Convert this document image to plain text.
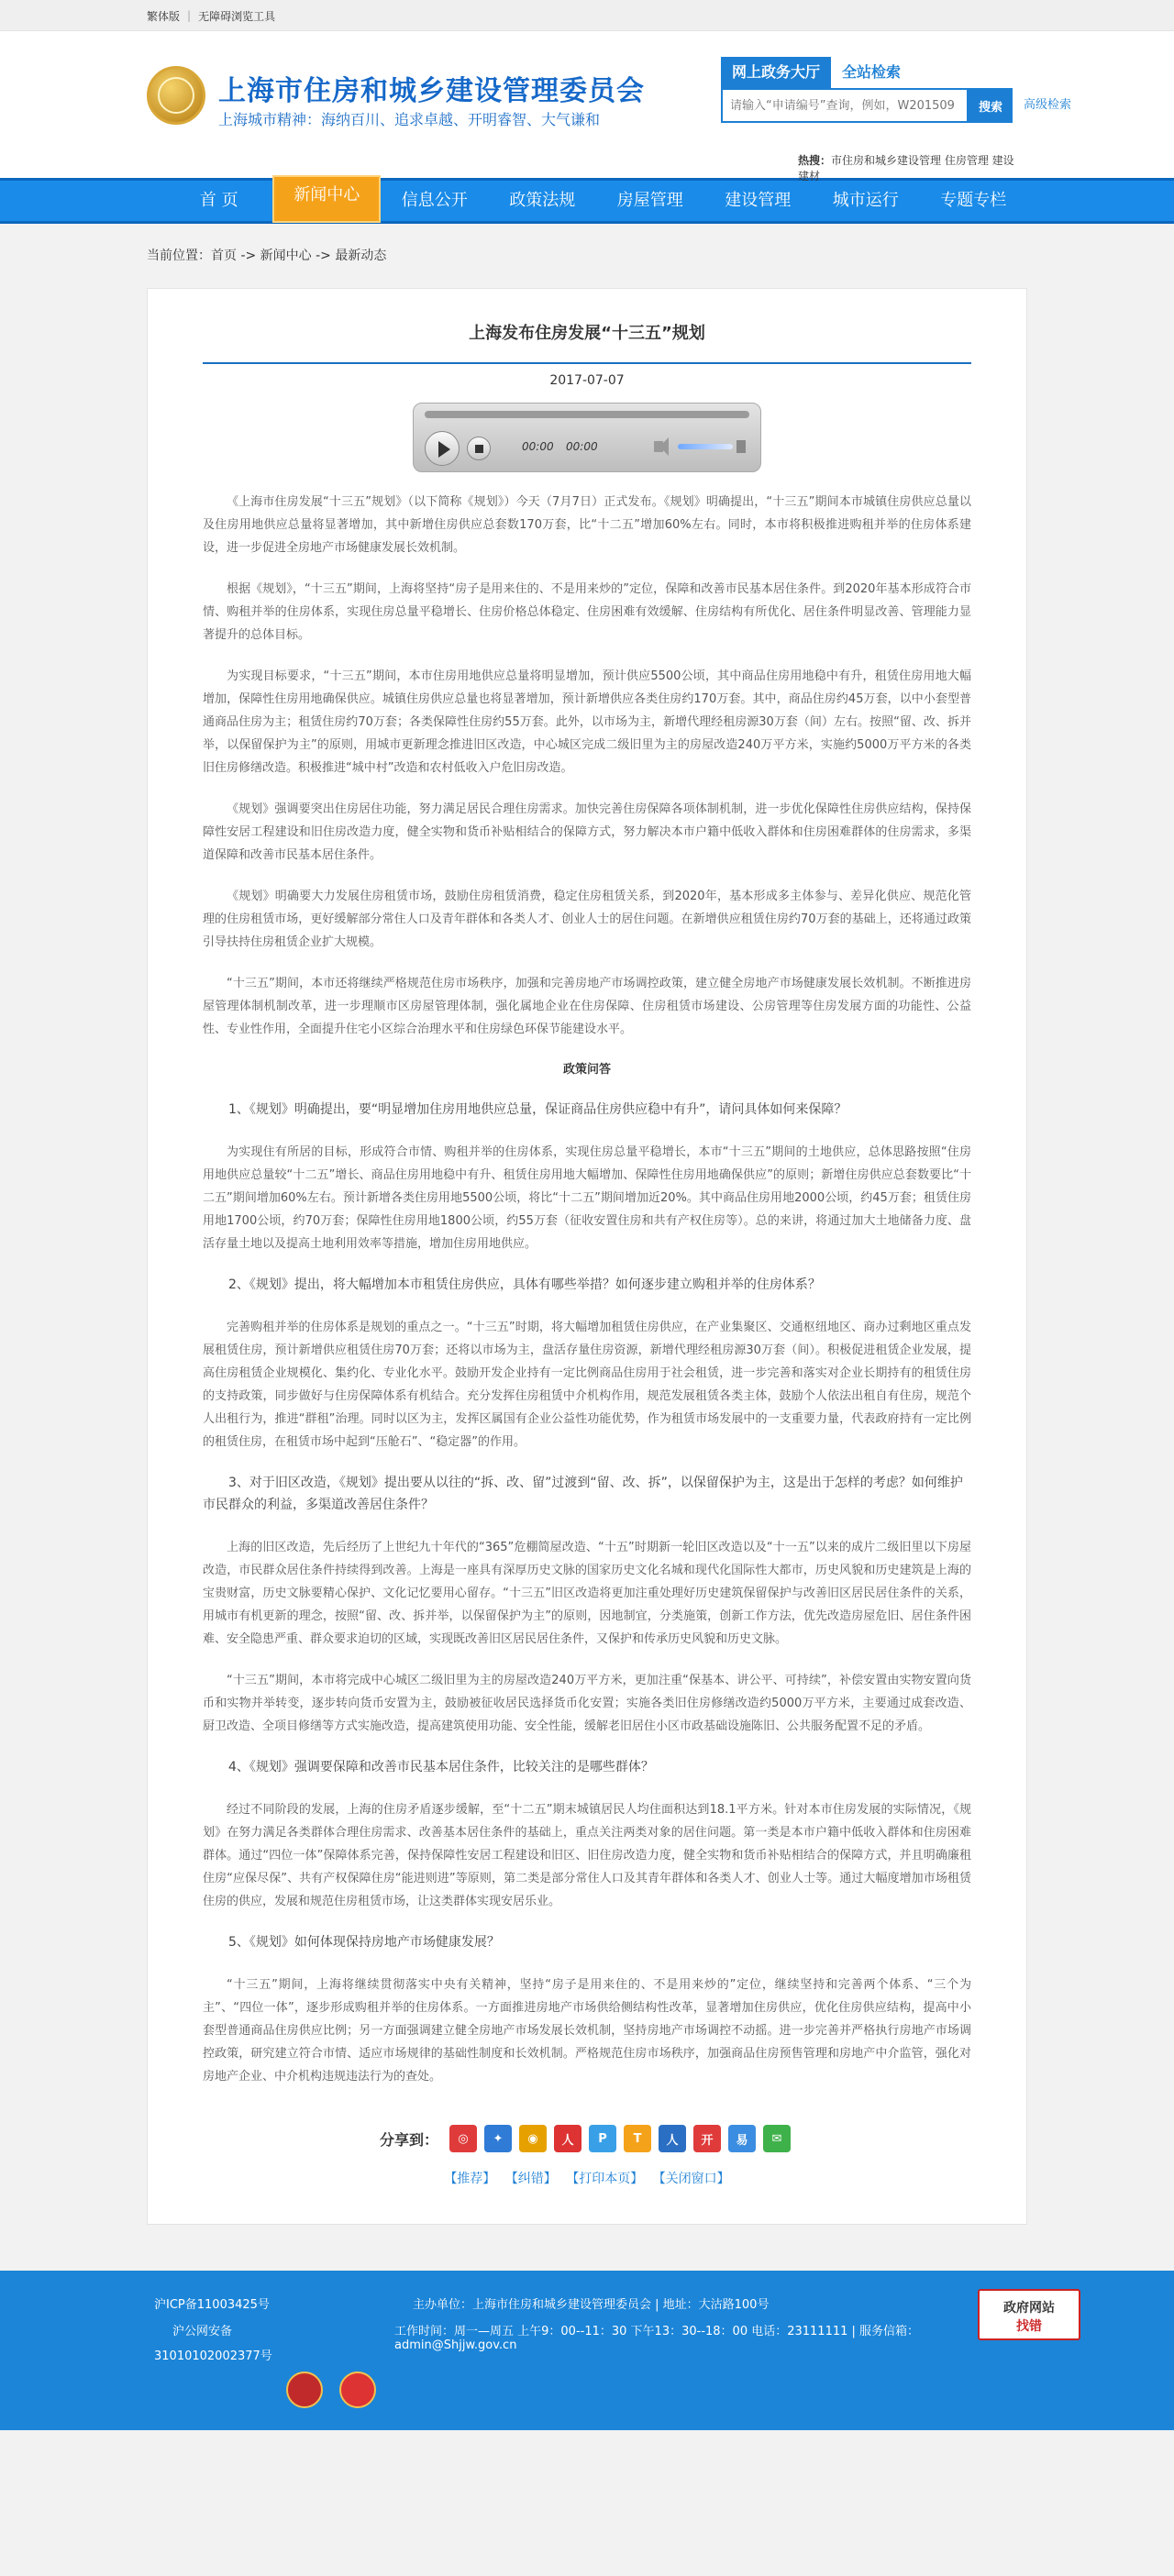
繁体版 | 无障碍浏览工具
上海市住房和城乡建设管理委员会
上海城市精神：海纳百川、追求卓越、开明睿智、大气谦和
网上政务大厅	全站检索
请输入“申请编号”查询，例如，W201509
搜索	高级检索
热搜：市住房和城乡建设管理 住房管理 建设 建材
首 页	新闻中心	信息公开	政策法规	房屋管理	建设管理	城市运行	专题专栏
当前位置：首页 -> 新闻中心 -> 最新动态
上海发布住房发展“十三五”规划
2017-07-07
00:00 00:00

《上海市住房发展“十三五”规划》（以下简称《规划》）今天（7月7日）正式发布。《规划》明确提出，“十三五”期间本市城镇住房供应总量以及住房用地供应总量将显著增加，其中新增住房供应总套数170万套，比“十二五”增加60%左右。同时，本市将积极推进购租并举的住房体系建设，进一步促进全房地产市场健康发展长效机制。

根据《规划》，“十三五”期间，上海将坚持“房子是用来住的、不是用来炒的”定位，保障和改善市民基本居住条件。到2020年基本形成符合市情、购租并举的住房体系，实现住房总量平稳增长、住房价格总体稳定、住房困难有效缓解、住房结构有所优化、居住条件明显改善、管理能力显著提升的总体目标。

为实现目标要求，“十三五”期间，本市住房用地供应总量将明显增加，预计供应5500公顷，其中商品住房用地稳中有升，租赁住房用地大幅增加，保障性住房用地确保供应。城镇住房供应总量也将显著增加，预计新增供应各类住房约170万套。其中，商品住房约45万套，以中小套型普通商品住房为主；租赁住房约70万套；各类保障性住房约55万套。此外，以市场为主，新增代理经租房源30万套（间）左右。按照“留、改、拆并举，以保留保护为主”的原则，用城市更新理念推进旧区改造，中心城区完成二级旧里为主的房屋改造240万平方米，实施约5000万平方米的各类旧住房修缮改造。积极推进“城中村”改造和农村低收入户危旧房改造。

《规划》强调要突出住房居住功能，努力满足居民合理住房需求。加快完善住房保障各项体制机制，进一步优化保障性住房供应结构，保持保障性安居工程建设和旧住房改造力度，健全实物和货币补贴相结合的保障方式，努力解决本市户籍中低收入群体和住房困难群体的住房需求，多渠道保障和改善市民基本居住条件。

《规划》明确要大力发展住房租赁市场，鼓励住房租赁消费，稳定住房租赁关系，到2020年，基本形成多主体参与、差异化供应、规范化管理的住房租赁市场，更好缓解部分常住人口及青年群体和各类人才、创业人士的居住问题。在新增供应租赁住房约70万套的基础上，还将通过政策引导扶持住房租赁企业扩大规模。

“十三五”期间，本市还将继续严格规范住房市场秩序，加强和完善房地产市场调控政策，建立健全房地产市场健康发展长效机制。不断推进房屋管理体制机制改革，进一步理顺市区房屋管理体制，强化属地企业在住房保障、住房租赁市场建设、公房管理等住房发展方面的功能性、公益性、专业性作用，全面提升住宅小区综合治理水平和住房绿色环保节能建设水平。

政策问答

1、《规划》明确提出，要“明显增加住房用地供应总量，保证商品住房供应稳中有升”，请问具体如何来保障？

为实现住有所居的目标，形成符合市情、购租并举的住房体系，实现住房总量平稳增长，本市“十三五”期间的土地供应，总体思路按照“住房用地供应总量较“十二五”增长、商品住房用地稳中有升、租赁住房用地大幅增加、保障性住房用地确保供应”的原则；新增住房供应总套数要比“十二五”期间增加60%左右。预计新增各类住房用地5500公顷，将比“十二五”期间增加近20%。其中商品住房用地2000公顷，约45万套；租赁住房用地1700公顷，约70万套；保障性住房用地1800公顷，约55万套（征收安置住房和共有产权住房等）。总的来讲，将通过加大土地储备力度、盘活存量土地以及提高土地利用效率等措施，增加住房用地供应。

2、《规划》提出，将大幅增加本市租赁住房供应，具体有哪些举措？如何逐步建立购租并举的住房体系？

完善购租并举的住房体系是规划的重点之一。“十三五”时期，将大幅增加租赁住房供应，在产业集聚区、交通枢纽地区、商办过剩地区重点发展租赁住房，预计新增供应租赁住房70万套；还将以市场为主，盘活存量住房资源，新增代理经租房源30万套（间）。积极促进租赁企业发展，提高住房租赁企业规模化、集约化、专业化水平。鼓励开发企业持有一定比例商品住房用于社会租赁，进一步完善和落实对企业长期持有的租赁住房的支持政策，同步做好与住房保障体系有机结合。充分发挥住房租赁中介机构作用，规范发展租赁各类主体，鼓励个人依法出租自有住房，规范个人出租行为，推进“群租”治理。同时以区为主，发挥区属国有企业公益性功能优势，作为租赁市场发展中的一支重要力量，代表政府持有一定比例的租赁住房，在租赁市场中起到“压舱石”、“稳定器”的作用。

3、对于旧区改造，《规划》提出要从以往的“拆、改、留”过渡到“留、改、拆”，以保留保护为主，这是出于怎样的考虑？如何维护市民群众的利益，多渠道改善居住条件？

上海的旧区改造，先后经历了上世纪九十年代的“365”危棚简屋改造、“十五”时期新一轮旧区改造以及“十一五”以来的成片二级旧里以下房屋改造，市民群众居住条件持续得到改善。上海是一座具有深厚历史文脉的国家历史文化名城和现代化国际性大都市，历史风貌和历史建筑是上海的宝贵财富，历史文脉要精心保护、文化记忆要用心留存。“十三五”旧区改造将更加注重处理好历史建筑保留保护与改善旧区居民居住条件的关系，用城市有机更新的理念，按照“留、改、拆并举，以保留保护为主”的原则，因地制宜，分类施策，创新工作方法，优先改造房屋危旧、居住条件困难、安全隐患严重、群众要求迫切的区域，实现既改善旧区居民居住条件，又保护和传承历史风貌和历史文脉。

“十三五”期间，本市将完成中心城区二级旧里为主的房屋改造240万平方米，更加注重“保基本、讲公平、可持续”，补偿安置由实物安置向货币和实物并举转变，逐步转向货币安置为主，鼓励被征收居民选择货币化安置；实施各类旧住房修缮改造约5000万平方米，主要通过成套改造、厨卫改造、全项目修缮等方式实施改造，提高建筑使用功能、安全性能，缓解老旧居住小区市政基础设施陈旧、公共服务配置不足的矛盾。

4、《规划》强调要保障和改善市民基本居住条件，比较关注的是哪些群体？

经过不同阶段的发展，上海的住房矛盾逐步缓解，至“十二五”期末城镇居民人均住面积达到18.1平方米。针对本市住房发展的实际情况，《规划》在努力满足各类群体合理住房需求、改善基本居住条件的基础上，重点关注两类对象的居住问题。第一类是本市户籍中低收入群体和住房困难群体。通过“四位一体”保障体系完善，保持保障性安居工程建设和旧区、旧住房改造力度，健全实物和货币补贴相结合的保障方式，并且明确廉租住房“应保尽保”、共有产权保障住房“能进则进”等原则，第二类是部分常住人口及其青年群体和各类人才、创业人士等。通过大幅度增加市场租赁住房的供应，发展和规范住房租赁市场，让这类群体实现安居乐业。

5、《规划》如何体现保持房地产市场健康发展？

“十三五”期间，上海将继续贯彻落实中央有关精神，坚持“房子是用来住的、不是用来炒的”定位，继续坚持和完善两个体系、“三个为主”、“四位一体”，逐步形成购租并举的住房体系。一方面推进房地产市场供给侧结构性改革，显著增加住房供应，优化住房供应结构，提高中小套型普通商品住房供应比例；另一方面强调建立健全房地产市场发展长效机制，坚持房地产市场调控不动摇。进一步完善并严格执行房地产市场调控政策，研究建立符合市情、适应市场规律的基础性制度和长效机制。严格规范住房市场秩序，加强商品住房预售管理和房地产中介监管，强化对房地产企业、中介机构违规违法行为的查处。

分享到：	◎	✦	◉	人	P	T	人	开	易	✉
【推荐】 【纠错】 【打印本页】 【关闭窗口】
沪ICP备11003425号
沪公网安备
31010102002377号
主办单位：上海市住房和城乡建设管理委员会 | 地址：大沽路100号
工作时间：周一—周五 上午9：00--11：30 下午13：30--18：00 电话：23111111 | 服务信箱：admin@Shjjw.gov.cn
政府网站
找错
